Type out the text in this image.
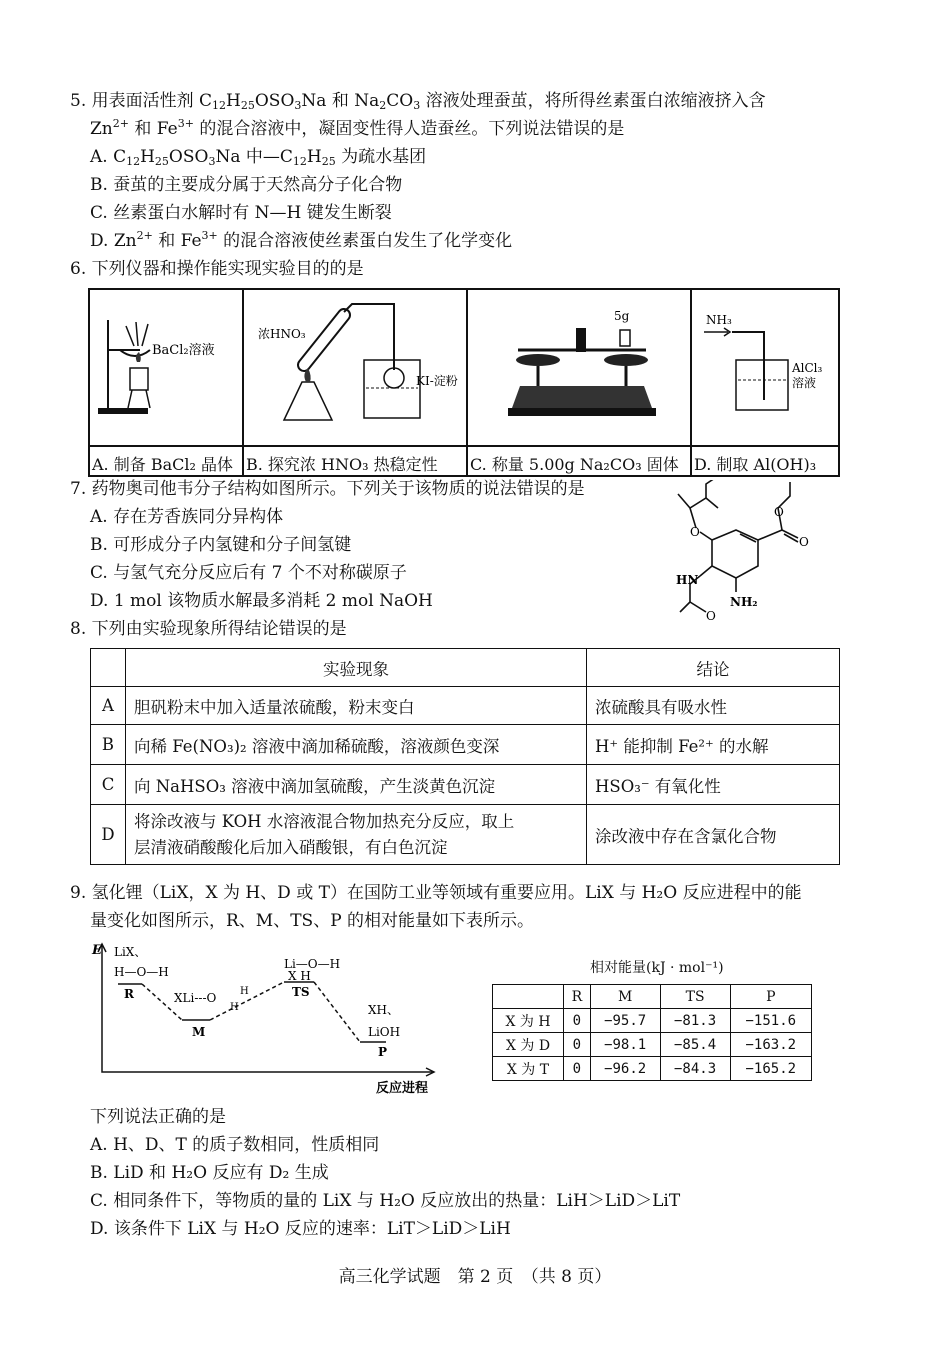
5. 用表面活性剂 $C_{12}H_{25}OSO_3Na$ 和 $Na_2CO_3$ 溶液处理蚕茧，将所得丝素蛋白浓缩液挤入含
$Zn^{2+}$ 和 $Fe^{3+}$ 的混合溶液中，凝固变性得人造蚕丝。下列说法错误的是
A. $C_{12}H_{25}OSO_3Na$ 中$—C_{12}H_{25}$ 为疏水基团
B. 蚕茧的主要成分属于天然高分子化合物
C. 丝素蛋白水解时有 N—H 键发生断裂
D. $Zn^{2+}$ 和 $Fe^{3+}$ 的混合溶液使丝素蛋白发生了化学变化
6. 下列仪器和操作能实现实验目的的是
BaCl₂溶液	浓HNO₃
KI-淀粉	5g	NH₃
AlCl₃
溶液

A. 制备 BaCl₂ 晶体	B. 探究浓 HNO₃ 热稳定性	C. 称量 5.00g Na₂CO₃ 固体	D. 制取 Al(OH)₃
7. 药物奥司他韦分子结构如图所示。下列关于该物质的说法错误的是
A. 存在芳香族同分异构体
B. 可形成分子内氢键和分子间氢键
C. 与氢气充分反应后有 7 个不对称碳原子
D. 1 mol 该物质水解最多消耗 2 mol NaOH
O
O
O
O
HN
NH₂
8. 下列由实验现象所得结论错误的是
	实验现象	结论
A	胆矾粉末中加入适量浓硫酸，粉末变白	浓硫酸具有吸水性
B	向稀 Fe(NO₃)₂ 溶液中滴加稀硫酸，溶液颜色变深	H⁺ 能抑制 Fe²⁺ 的水解
C	向 NaHSO₃ 溶液中滴加氢硫酸，产生淡黄色沉淀	HSO₃⁻ 有氧化性
D	将涂改液与 KOH 水溶液混合物加热充分反应，取上
层清液硝酸酸化后加入硝酸银，有白色沉淀	涂改液中存在含氯化合物
9. 氢化锂（LiX，X 为 H、D 或 T）在国防工业等领域有重要应用。LiX 与 H₂O 反应进程中的能
量变化如图所示，R、M、TS、P 的相对能量如下表所示。
E LiX、
H—O—H
R	XLi---O
H
H
M
Li—O—H
X H
TS
XH、
LiOH
P
反应进程
相对能量(kJ · mol⁻¹)
	R	M	TS	P
X 为 H	0	−95.7	−81.3	−151.6
X 为 D	0	−98.1	−85.4	−163.2
X 为 T	0	−96.2	−84.3	−165.2
下列说法正确的是
A. H、D、T 的质子数相同，性质相同
B. LiD 和 H₂O 反应有 D₂ 生成
C. 相同条件下，等物质的量的 LiX 与 H₂O 反应放出的热量：LiH＞LiD＞LiT
D. 该条件下 LiX 与 H₂O 反应的速率：LiT＞LiD＞LiH
高三化学试题　第 2 页　（共 8 页）
